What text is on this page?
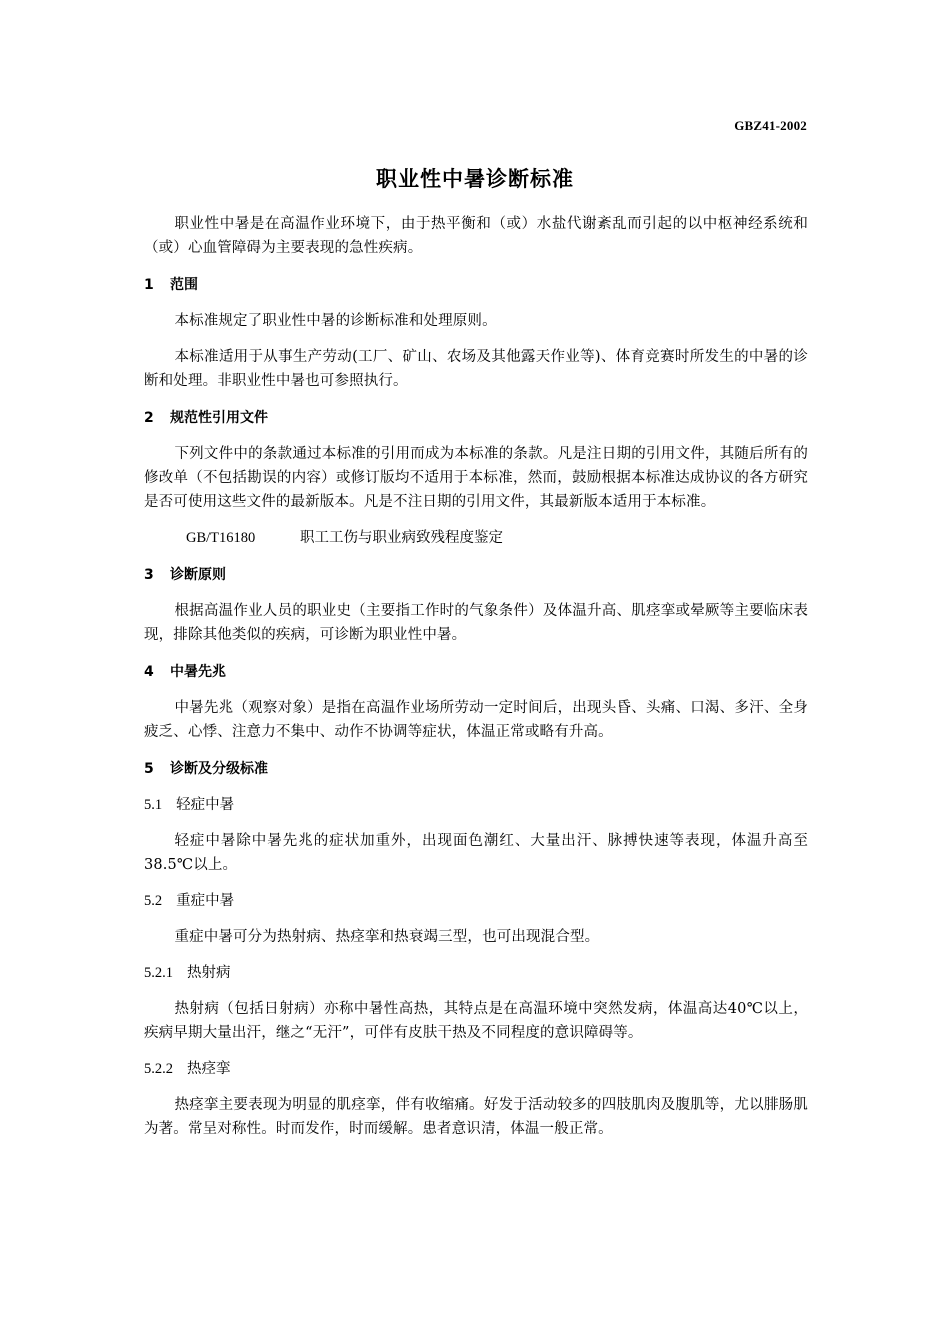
GBZ41-2002
职业性中暑诊断标准

职业性中暑是在高温作业环境下，由于热平衡和（或）水盐代谢紊乱而引起的以中枢神经系统和（或）心血管障碍为主要表现的急性疾病。

1 范围

本标准规定了职业性中暑的诊断标准和处理原则。

本标准适用于从事生产劳动(工厂、矿山、农场及其他露天作业等)、体育竞赛时所发生的中暑的诊断和处理。非职业性中暑也可参照执行。

2 规范性引用文件

下列文件中的条款通过本标准的引用而成为本标准的条款。凡是注日期的引用文件，其随后所有的修改单（不包括勘误的内容）或修订版均不适用于本标准，然而，鼓励根据本标准达成协议的各方研究是否可使用这些文件的最新版本。凡是不注日期的引用文件，其最新版本适用于本标准。

GB/T16180	职工工伤与职业病致残程度鉴定

3 诊断原则

根据高温作业人员的职业史（主要指工作时的气象条件）及体温升高、肌痉挛或晕厥等主要临床表现，排除其他类似的疾病，可诊断为职业性中暑。

4 中暑先兆

中暑先兆（观察对象）是指在高温作业场所劳动一定时间后，出现头昏、头痛、口渴、多汗、全身疲乏、心悸、注意力不集中、动作不协调等症状，体温正常或略有升高。

5 诊断及分级标准

5.1 轻症中暑

轻症中暑除中暑先兆的症状加重外，出现面色潮红、大量出汗、脉搏快速等表现，体温升高至 38.5℃以上。

5.2 重症中暑

重症中暑可分为热射病、热痉挛和热衰竭三型，也可出现混合型。

5.2.1 热射病

热射病（包括日射病）亦称中暑性高热，其特点是在高温环境中突然发病，体温高达40℃以上，疾病早期大量出汗，继之“无汗”，可伴有皮肤干热及不同程度的意识障碍等。

5.2.2 热痉挛

热痉挛主要表现为明显的肌痉挛，伴有收缩痛。好发于活动较多的四肢肌肉及腹肌等，尤以腓肠肌为著。常呈对称性。时而发作，时而缓解。患者意识清，体温一般正常。
